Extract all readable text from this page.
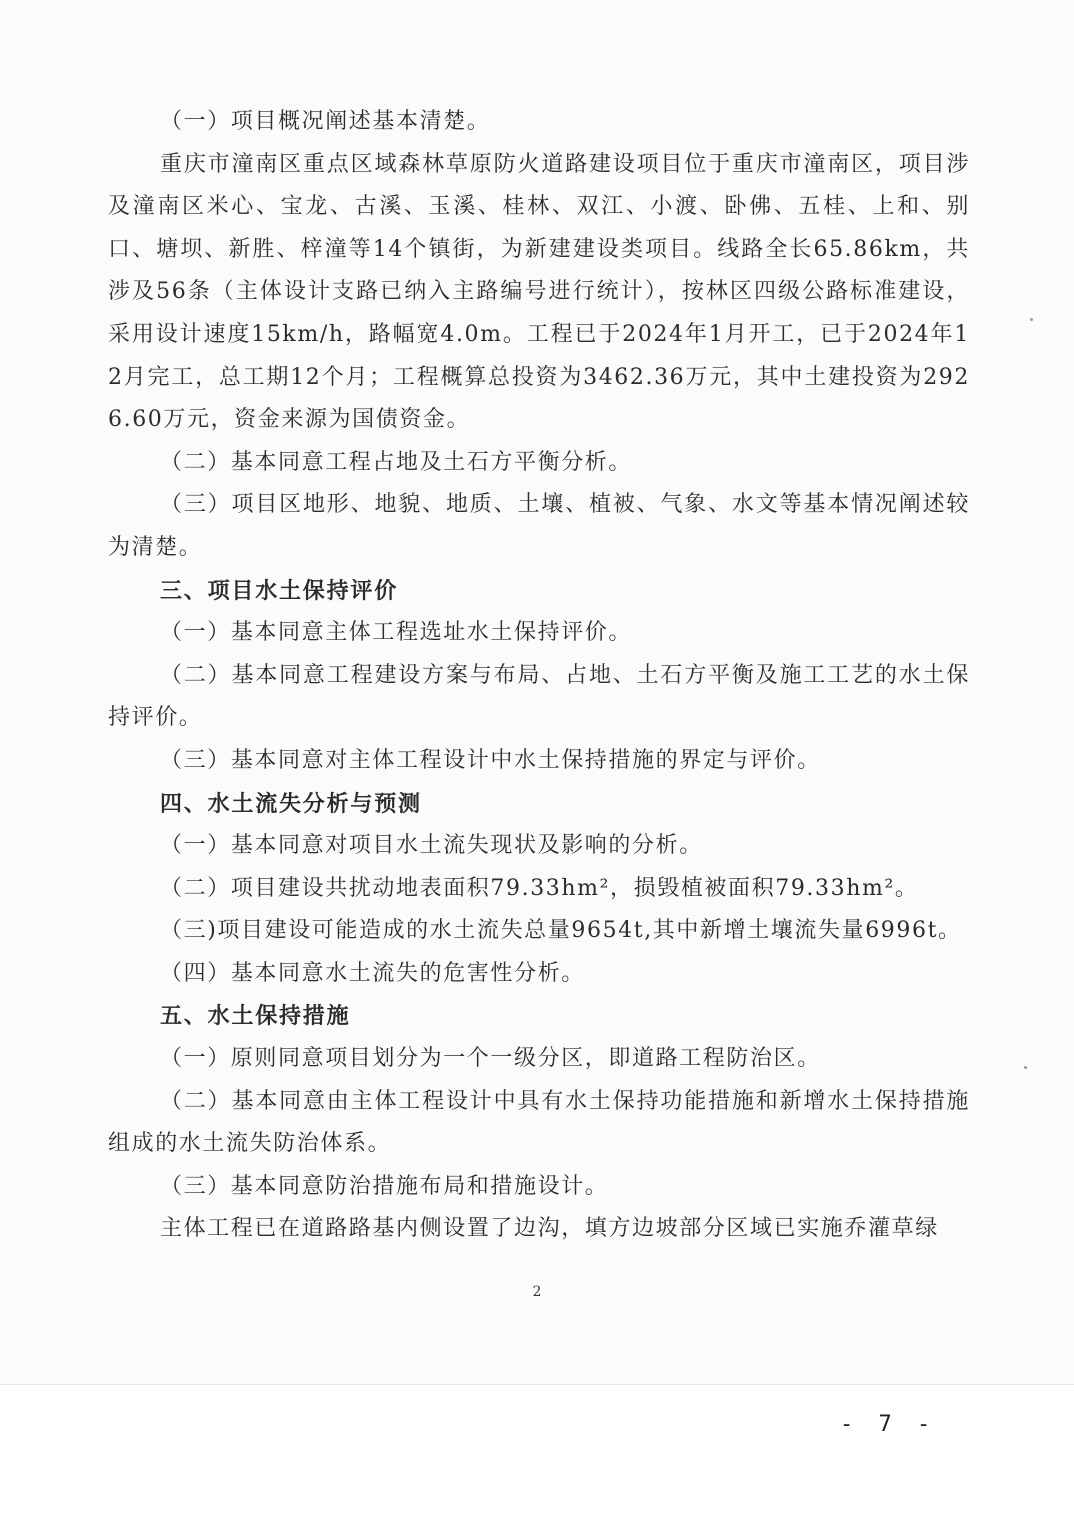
（一）项目概况阐述基本清楚。

重庆市潼南区重点区域森林草原防火道路建设项目位于重庆市潼南区，项目涉及潼南区米心、宝龙、古溪、玉溪、桂林、双江、小渡、卧佛、五桂、上和、别口、塘坝、新胜、梓潼等14个镇街，为新建建设类项目。线路全长65.86km，共涉及56条（主体设计支路已纳入主路编号进行统计），按林区四级公路标准建设，采用设计速度15km/h，路幅宽4.0m。工程已于2024年1月开工，已于2024年12月完工，总工期12个月；工程概算总投资为3462.36万元，其中土建投资为2926.60万元，资金来源为国债资金。

（二）基本同意工程占地及土石方平衡分析。

（三）项目区地形、地貌、地质、土壤、植被、气象、水文等基本情况阐述较为清楚。

三、项目水土保持评价

（一）基本同意主体工程选址水土保持评价。

（二）基本同意工程建设方案与布局、占地、土石方平衡及施工工艺的水土保持评价。

（三）基本同意对主体工程设计中水土保持措施的界定与评价。

四、水土流失分析与预测

（一）基本同意对项目水土流失现状及影响的分析。

（二）项目建设共扰动地表面积79.33hm²，损毁植被面积79.33hm²。

（三)项目建设可能造成的水土流失总量9654t,其中新增土壤流失量6996t。

（四）基本同意水土流失的危害性分析。

五、水土保持措施

（一）原则同意项目划分为一个一级分区，即道路工程防治区。

（二）基本同意由主体工程设计中具有水土保持功能措施和新增水土保持措施组成的水土流失防治体系。

（三）基本同意防治措施布局和措施设计。

主体工程已在道路路基内侧设置了边沟，填方边坡部分区域已实施乔灌草绿

2
- 7 -
